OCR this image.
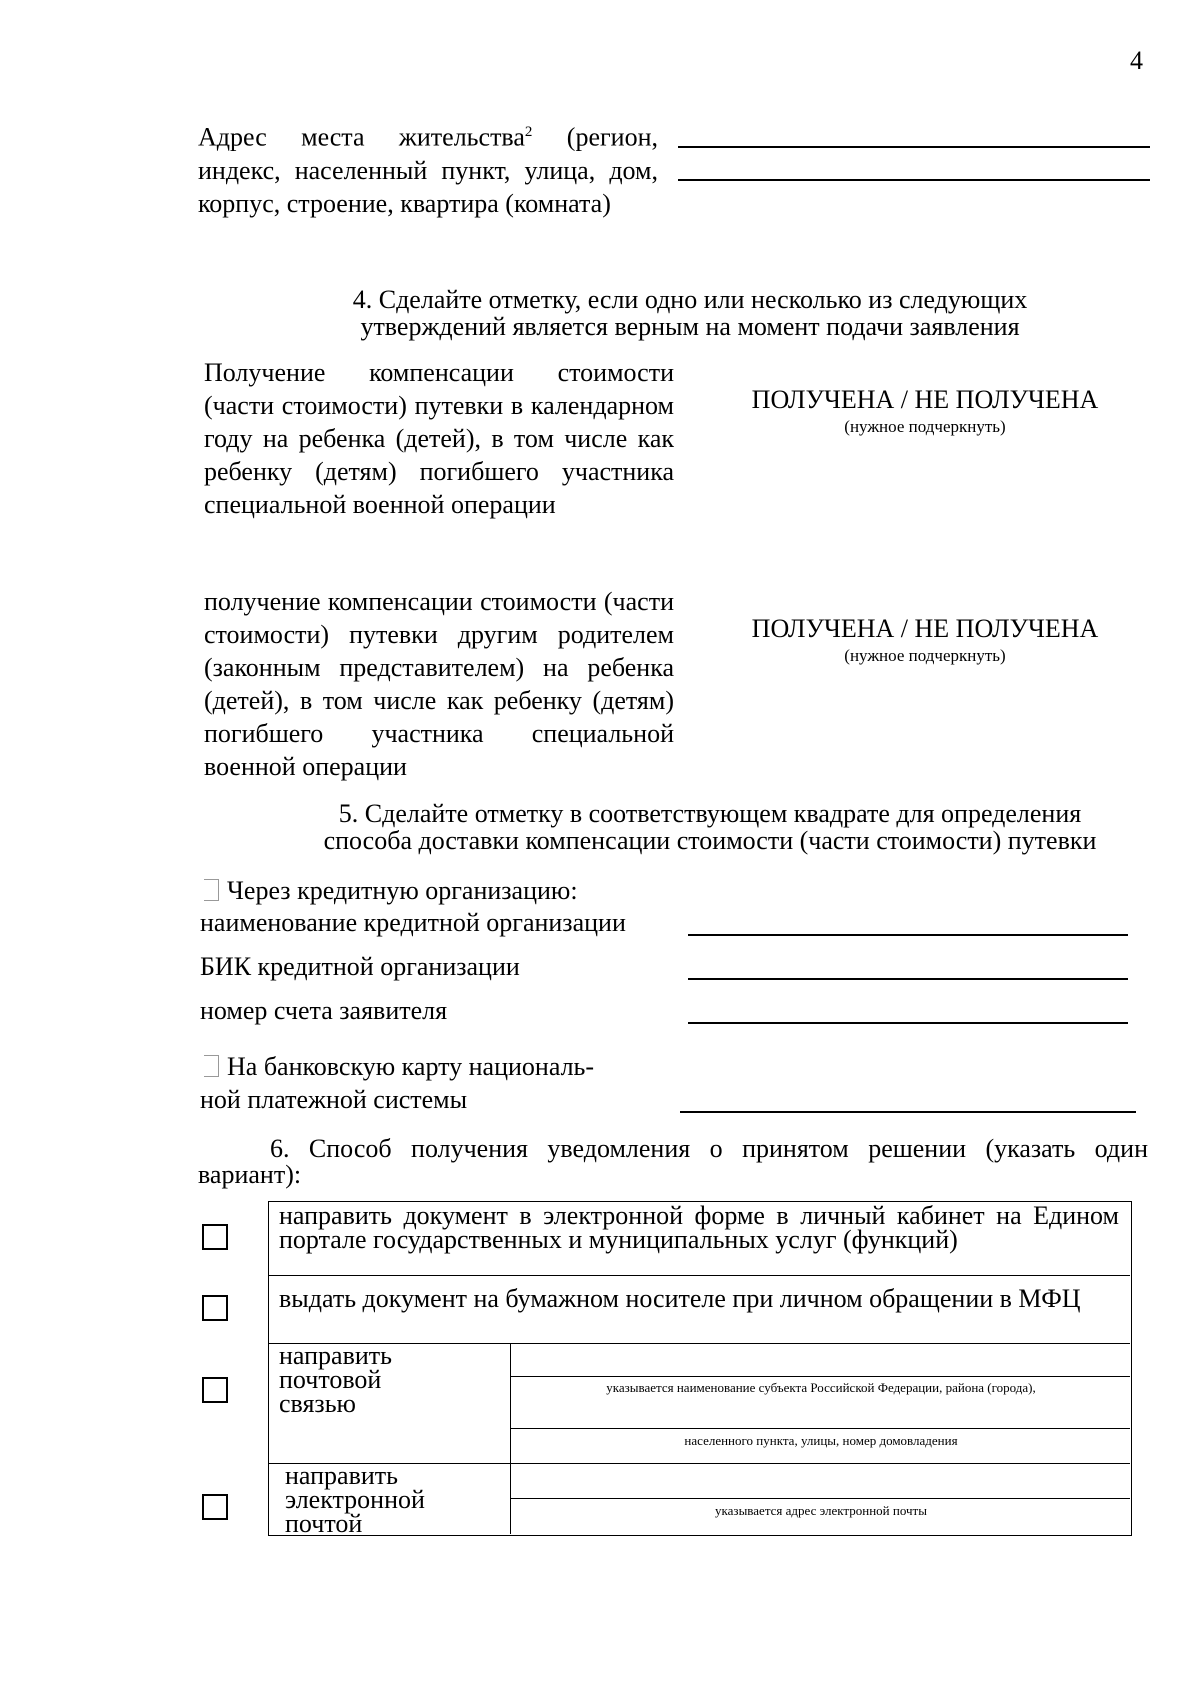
4
Адрес места жительства$^2$ (регион, индекс, населенный пункт, улица, дом, корпус, строение, квартира (комната)
4. Сделайте отметку, если одно или несколько из следующих
утверждений является верным на момент подачи заявления
Получение компенсации стоимости (части стоимости) путевки в календарном году на ребенка (детей), в том числе как ребенку (детям) погибшего участника специальной военной операции
ПОЛУЧЕНА / НЕ ПОЛУЧЕНА
(нужное подчеркнуть)
получение компенсации стоимости (части стоимости) путевки другим родителем (законным представителем) на ребенка (детей), в том числе как ребенку (детям) погибшего участника специальной военной операции
ПОЛУЧЕНА / НЕ ПОЛУЧЕНА
(нужное подчеркнуть)
5. Сделайте отметку в соответствующем квадрате для определения
способа доставки компенсации стоимости (части стоимости) путевки
Через кредитную организацию:
наименование кредитной организации
БИК кредитной организации
номер счета заявителя
На банковскую карту националь-
ной платежной системы
6. Способ получения уведомления о принятом решении (указать один вариант):
направить документ в электронной форме в личный кабинет на Едином портале государственных и муниципальных услуг (функций)
выдать документ на бумажном носителе при личном обращении в МФЦ
направить почтовой связью
указывается наименование субъекта Российской Федерации, района (города),
населенного пункта, улицы, номер домовладения
направить электронной почтой	указывается адрес электронной почты
